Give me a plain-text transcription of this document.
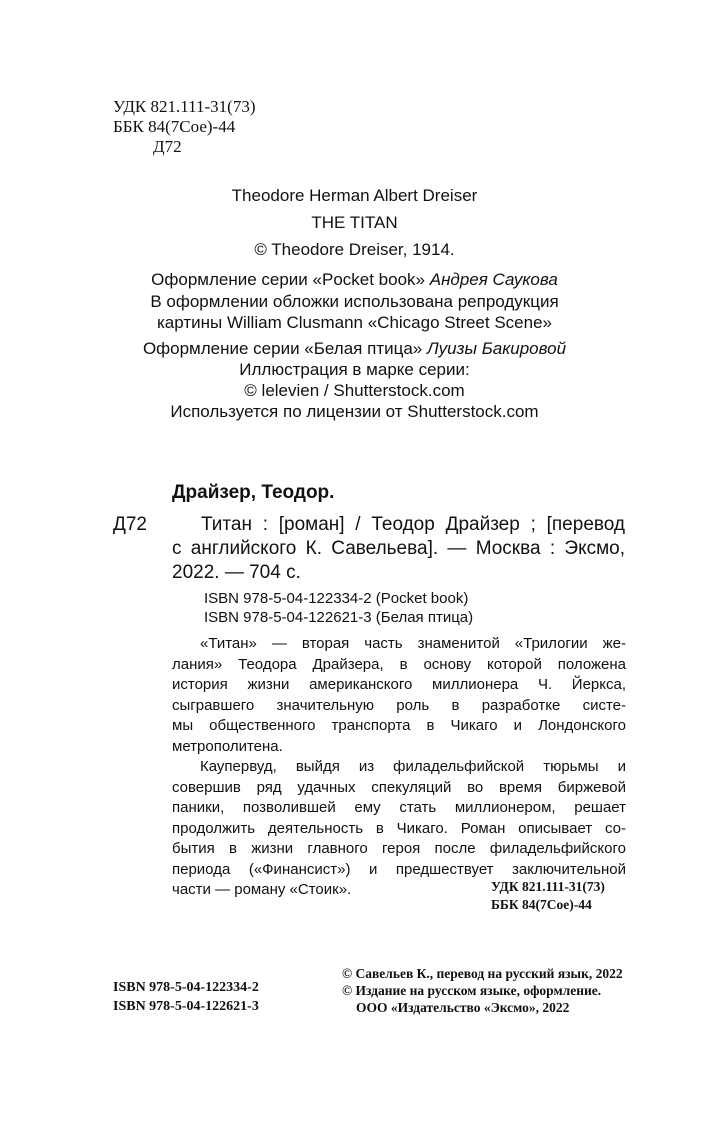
УДК 821.111-31(73)
ББК 84(7Сое)-44
Д72
Theodore Herman Albert Dreiser
THE TITAN
© Theodore Dreiser, 1914.
Оформление серии «Pocket book» Андрея Саукова
В оформлении обложки использована репродукция
картины William Clusmann «Chicago Street Scene»
Оформление серии «Белая птица» Луизы Бакировой
Иллюстрация в марке серии:
© lelevien / Shutterstock.com
Используется по лицензии от Shutterstock.com
Драйзер, Теодор.
Д72	Титан : [роман] / Теодор Драйзер ; [перевод
с английского К. Савельева]. — Москва : Эксмо,
2022. — 704 с.
ISBN 978-5-04-122334-2 (Pocket book)
ISBN 978-5-04-122621-3 (Белая птица)
«Титан» — вторая часть знаменитой «Трилогии же-
лания» Теодора Драйзера, в основу которой положена
история жизни американского миллионера Ч. Йеркса,
сыгравшего значительную роль в разработке систе-
мы общественного транспорта в Чикаго и Лондонского
метрополитена.
Каупервуд, выйдя из филадельфийской тюрьмы и
совершив ряд удачных спекуляций во время биржевой
паники, позволившей ему стать миллионером, решает
продолжить деятельность в Чикаго. Роман описывает со-
бытия в жизни главного героя после филадельфийского
периода («Финансист») и предшествует заключительной
части — роману «Стоик».	УДК 821.111-31(73)
ББК 84(7Сое)-44
ISBN 978-5-04-122334-2
ISBN 978-5-04-122621-3
© Савельев К., перевод на русский язык, 2022
© Издание на русском языке, оформление.
ООО «Издательство «Эксмо», 2022
